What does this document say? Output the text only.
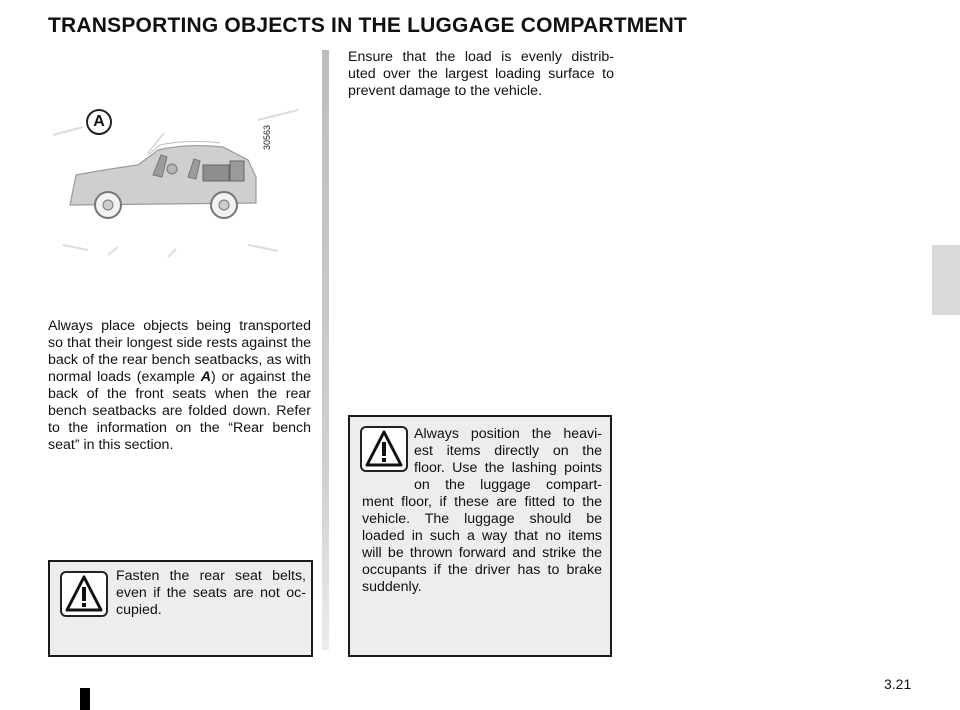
TRANSPORTING OBJECTS IN THE LUGGAGE COMPARTMENT
A
30563

Always place objects being transported so that their longest side rests against the back of the rear bench seatbacks, as with normal loads (example A) or against the back of the front seats when the rear bench seatbacks are folded down. Refer to the information on the “Rear bench seat” in this section.

Ensure that the load is evenly distrib-
uted over the largest loading surface to
prevent damage to the vehicle.

Fasten the rear seat belts,
even if the seats are not oc-
cupied.

Always position the heavi-
est items directly on the
floor. Use the lashing points
on the luggage compart-
ment floor, if these are fitted to the
vehicle. The luggage should be
loaded in such a way that no items
will be thrown forward and strike the
occupants if the driver has to brake
suddenly.

3.21
